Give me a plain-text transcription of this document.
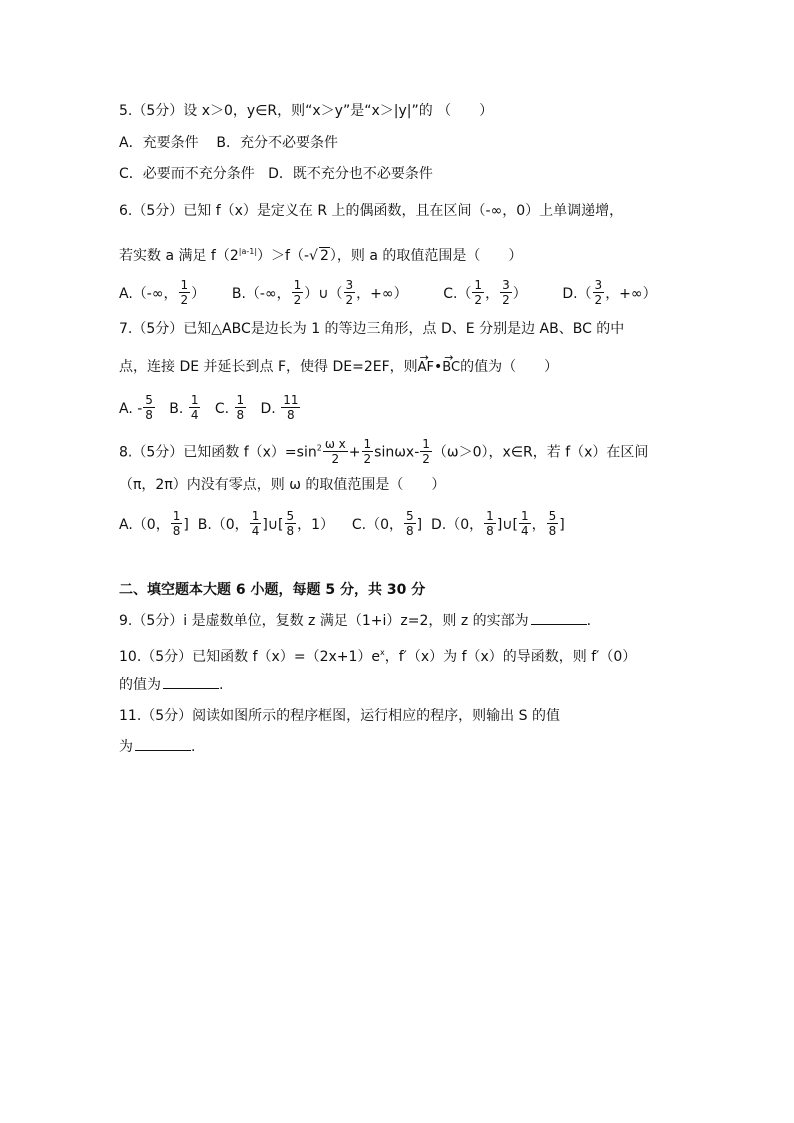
5.（5分）设 x＞0，y∈R，则“x＞y”是“x＞|y|”的 （　　）
A．充要条件 B．充分不必要条件
C．必要而不充分条件 D．既不充分也不必要条件
6.（5分）已知 f（x）是定义在 R 上的偶函数，且在区间（-∞，0）上单调递增，
若实数 a 满足 $f(2^{|a-1|})>f(-√$ 2），则 a 的取值范围是（　　）
A.（-∞， $\frac{1}{2}$ ） B.（-∞， $\frac{1}{2}$ ）∪（ $\frac{3}{2}$ ，+∞）	$C.( \frac{1}{2}$ ， $\frac{3}{2}$ ）	$D.( \frac{3}{2}$ ，+∞）
7.（5分）已知△ABC是边长为 1 的等边三角形，点 D、E 分别是边 AB、BC 的中
点，连接 DE 并延长到点 F，使得 DE=2EF，则→ AF•→ BC的值为（　　）
A. - $\frac{5}{8} B$. $\frac{1}{4} C$. $\frac{1}{8} D$. $\frac{11}{8}$
8.（5分）已知函数 $f(x)=\sin^2 \frac{\text{ω x}}{2} + \frac{1}{2} \sin\omega x- \frac{1}{2} (\omega>0)$，x∈R，若 f（x）在区间
（π，2π）内没有零点，则 ω 的取值范围是（　　）
A.（0， $\frac{1}{8}$ ] B.（0， $\frac{1}{4}$ ]∪[ $\frac{5}{8}$ ，1） C.（0， $\frac{5}{8}$ ] D.（0， $\frac{1}{8}$ ]∪[ $\frac{1}{4}$ ， $\frac{5}{8}$ ]
二、填空题本大题 6 小题，每题 5 分，共 30 分
9.（5分）i 是虚数单位，复数 z 满足（1+i）z=2，则 z 的实部为	.
10.（5分）已知函数 $f(x)=(2x+1)e^x$，f′（x）为 f（x）的导函数，则 f′（0）
的值为	.
11.（5分）阅读如图所示的程序框图，运行相应的程序，则输出 S 的值
为	.
